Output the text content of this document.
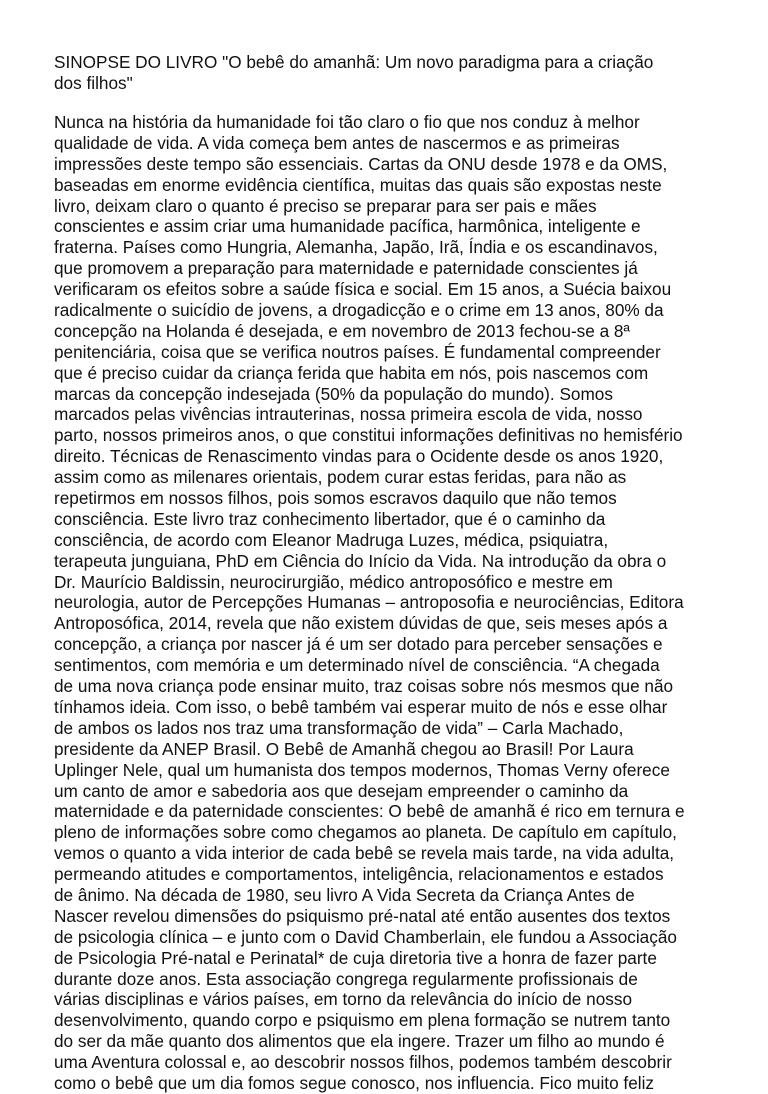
SINOPSE DO LIVRO "O bebê do amanhã: Um novo paradigma para a criação
dos filhos"
Nunca na história da humanidade foi tão claro o fio que nos conduz à melhor
qualidade de vida. A vida começa bem antes de nascermos e as primeiras
impressões deste tempo são essenciais. Cartas da ONU desde 1978 e da OMS,
baseadas em enorme evidência científica, muitas das quais são expostas neste
livro, deixam claro o quanto é preciso se preparar para ser pais e mães
conscientes e assim criar uma humanidade pacífica, harmônica, inteligente e
fraterna. Países como Hungria, Alemanha, Japão, Irã, Índia e os escandinavos,
que promovem a preparação para maternidade e paternidade conscientes já
verificaram os efeitos sobre a saúde física e social. Em 15 anos, a Suécia baixou
radicalmente o suicídio de jovens, a drogadicção e o crime em 13 anos, 80% da
concepção na Holanda é desejada, e em novembro de 2013 fechou-se a 8ª
penitenciária, coisa que se verifica noutros países. É fundamental compreender
que é preciso cuidar da criança ferida que habita em nós, pois nascemos com
marcas da concepção indesejada (50% da população do mundo). Somos
marcados pelas vivências intrauterinas, nossa primeira escola de vida, nosso
parto, nossos primeiros anos, o que constitui informações definitivas no hemisfério
direito. Técnicas de Renascimento vindas para o Ocidente desde os anos 1920,
assim como as milenares orientais, podem curar estas feridas, para não as
repetirmos em nossos filhos, pois somos escravos daquilo que não temos
consciência. Este livro traz conhecimento libertador, que é o caminho da
consciência, de acordo com Eleanor Madruga Luzes, médica, psiquiatra,
terapeuta junguiana, PhD em Ciência do Início da Vida. Na introdução da obra o
Dr. Maurício Baldissin, neurocirurgião, médico antroposófico e mestre em
neurologia, autor de Percepções Humanas – antroposofia e neurociências, Editora
Antroposófica, 2014, revela que não existem dúvidas de que, seis meses após a
concepção, a criança por nascer já é um ser dotado para perceber sensações e
sentimentos, com memória e um determinado nível de consciência. “A chegada
de uma nova criança pode ensinar muito, traz coisas sobre nós mesmos que não
tínhamos ideia. Com isso, o bebê também vai esperar muito de nós e esse olhar
de ambos os lados nos traz uma transformação de vida” – Carla Machado,
presidente da ANEP Brasil. O Bebê de Amanhã chegou ao Brasil! Por Laura
Uplinger Nele, qual um humanista dos tempos modernos, Thomas Verny oferece
um canto de amor e sabedoria aos que desejam empreender o caminho da
maternidade e da paternidade conscientes: O bebê de amanhã é rico em ternura e
pleno de informações sobre como chegamos ao planeta. De capítulo em capítulo,
vemos o quanto a vida interior de cada bebê se revela mais tarde, na vida adulta,
permeando atitudes e comportamentos, inteligência, relacionamentos e estados
de ânimo. Na década de 1980, seu livro A Vida Secreta da Criança Antes de
Nascer revelou dimensões do psiquismo pré-natal até então ausentes dos textos
de psicologia clínica – e junto com o David Chamberlain, ele fundou a Associação
de Psicologia Pré-natal e Perinatal* de cuja diretoria tive a honra de fazer parte
durante doze anos. Esta associação congrega regularmente profissionais de
várias disciplinas e vários países, em torno da relevância do início de nosso
desenvolvimento, quando corpo e psiquismo em plena formação se nutrem tanto
do ser da mãe quanto dos alimentos que ela ingere. Trazer um filho ao mundo é
uma Aventura colossal e, ao descobrir nossos filhos, podemos também descobrir
como o bebê que um dia fomos segue conosco, nos influencia. Fico muito feliz
